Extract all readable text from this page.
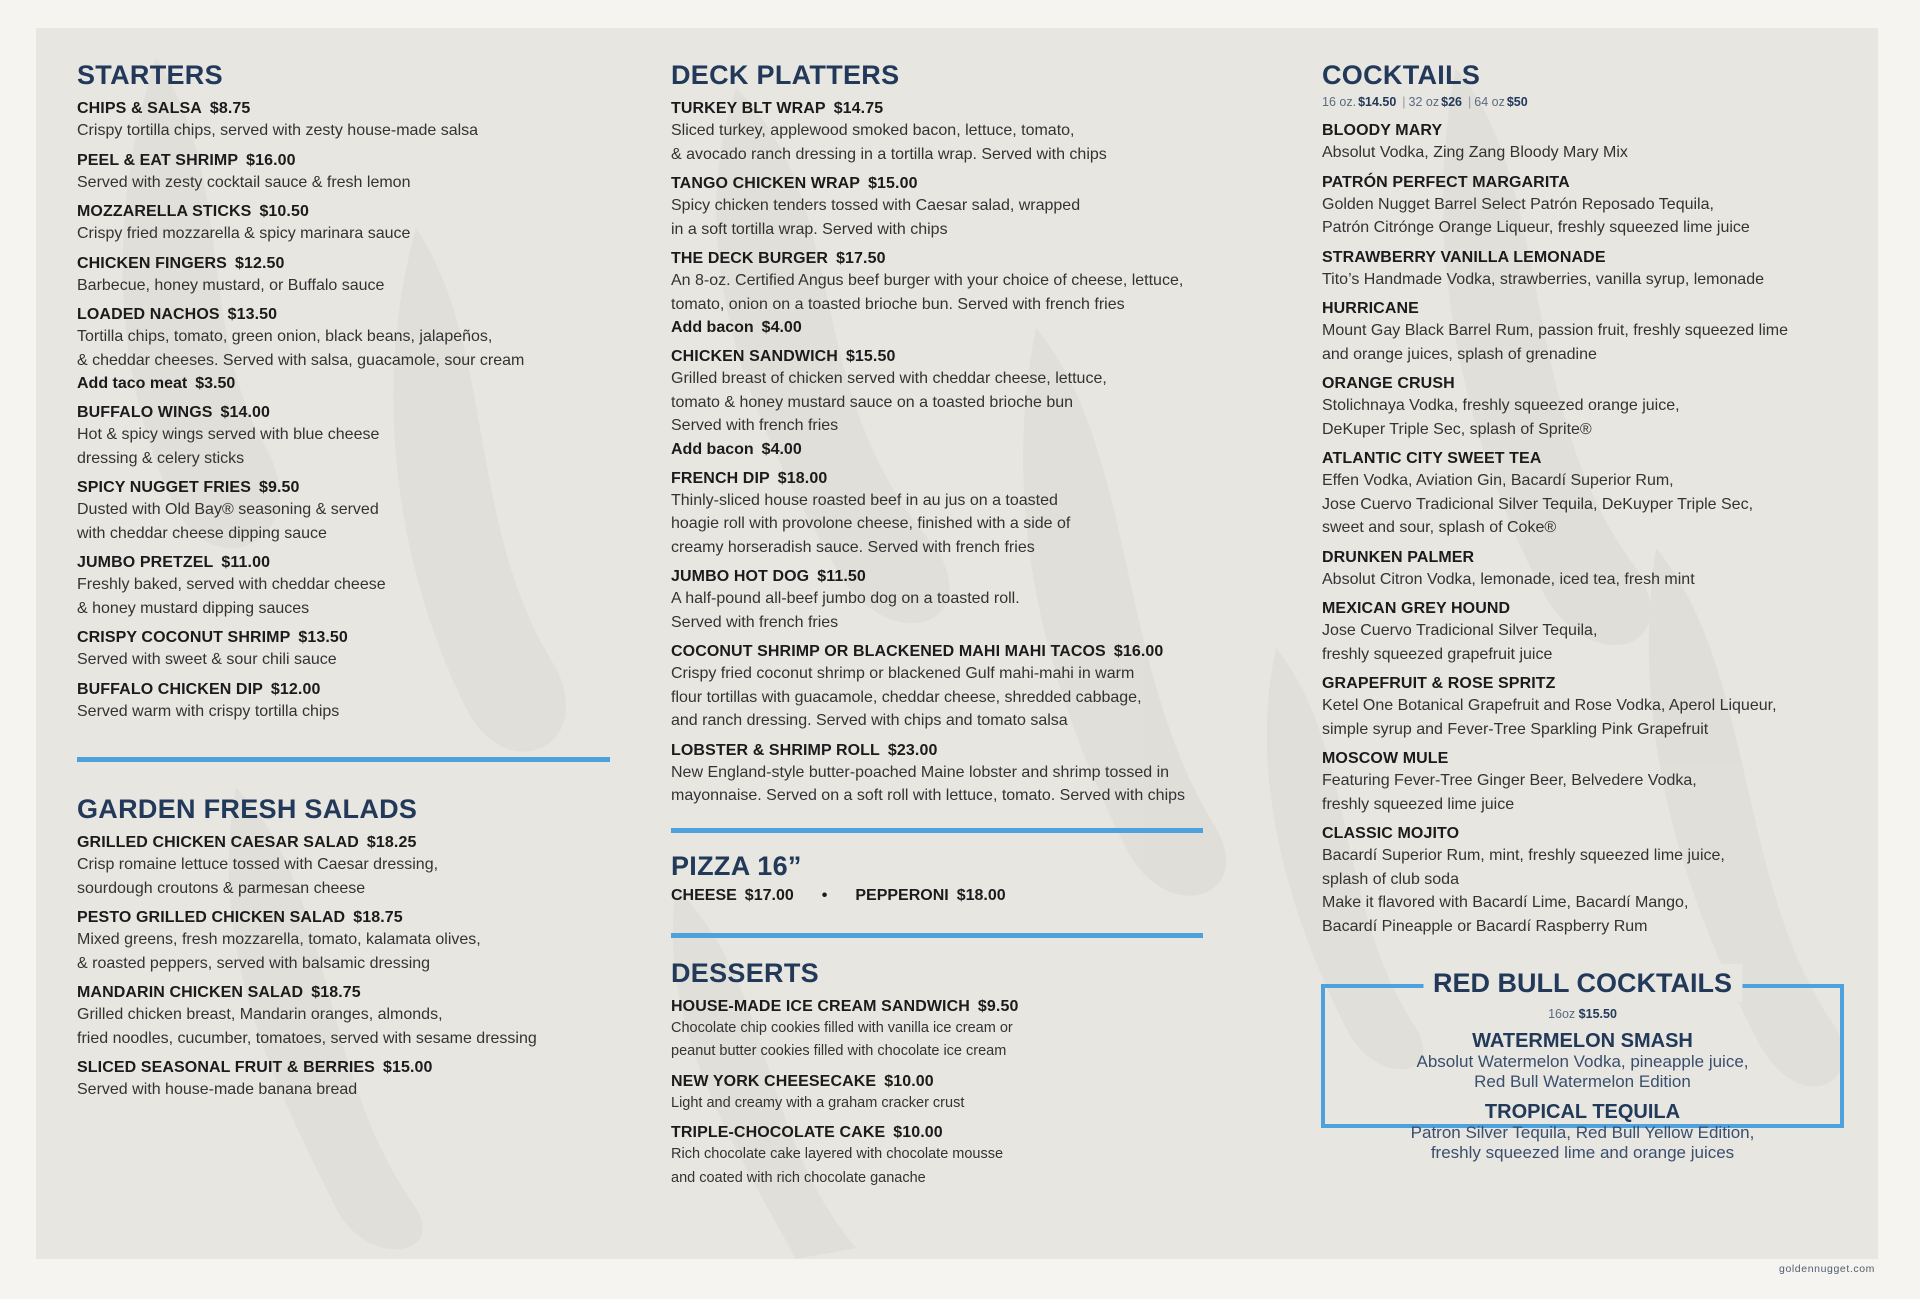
STARTERS
CHIPS & SALSA $8.75
Crispy tortilla chips, served with zesty house-made salsa
PEEL & EAT SHRIMP $16.00
Served with zesty cocktail sauce & fresh lemon
MOZZARELLA STICKS $10.50
Crispy fried mozzarella & spicy marinara sauce
CHICKEN FINGERS $12.50
Barbecue, honey mustard, or Buffalo sauce
LOADED NACHOS $13.50
Tortilla chips, tomato, green onion, black beans, jalapeños,
& cheddar cheeses. Served with salsa, guacamole, sour cream
Add taco meat $3.50
BUFFALO WINGS $14.00
Hot & spicy wings served with blue cheese
dressing & celery sticks
SPICY NUGGET FRIES $9.50
Dusted with Old Bay® seasoning & served
with cheddar cheese dipping sauce
JUMBO PRETZEL $11.00
Freshly baked, served with cheddar cheese
& honey mustard dipping sauces
CRISPY COCONUT SHRIMP $13.50
Served with sweet & sour chili sauce
BUFFALO CHICKEN DIP $12.00
Served warm with crispy tortilla chips
GARDEN FRESH SALADS
GRILLED CHICKEN CAESAR SALAD $18.25
Crisp romaine lettuce tossed with Caesar dressing,
sourdough croutons & parmesan cheese
PESTO GRILLED CHICKEN SALAD $18.75
Mixed greens, fresh mozzarella, tomato, kalamata olives,
& roasted peppers, served with balsamic dressing
MANDARIN CHICKEN SALAD $18.75
Grilled chicken breast, Mandarin oranges, almonds,
fried noodles, cucumber, tomatoes, served with sesame dressing
SLICED SEASONAL FRUIT & BERRIES $15.00
Served with house-made banana bread
DECK PLATTERS
TURKEY BLT WRAP $14.75
Sliced turkey, applewood smoked bacon, lettuce, tomato,
& avocado ranch dressing in a tortilla wrap. Served with chips
TANGO CHICKEN WRAP $15.00
Spicy chicken tenders tossed with Caesar salad, wrapped
in a soft tortilla wrap. Served with chips
THE DECK BURGER $17.50
An 8-oz. Certified Angus beef burger with your choice of cheese, lettuce,
tomato, onion on a toasted brioche bun. Served with french fries
Add bacon $4.00
CHICKEN SANDWICH $15.50
Grilled breast of chicken served with cheddar cheese, lettuce,
tomato & honey mustard sauce on a toasted brioche bun
Served with french fries
Add bacon $4.00
FRENCH DIP $18.00
Thinly-sliced house roasted beef in au jus on a toasted
hoagie roll with provolone cheese, finished with a side of
creamy horseradish sauce. Served with french fries
JUMBO HOT DOG $11.50
A half-pound all-beef jumbo dog on a toasted roll.
Served with french fries
COCONUT SHRIMP OR BLACKENED MAHI MAHI TACOS $16.00
Crispy fried coconut shrimp or blackened Gulf mahi-mahi in warm
flour tortillas with guacamole, cheddar cheese, shredded cabbage,
and ranch dressing. Served with chips and tomato salsa
LOBSTER & SHRIMP ROLL $23.00
New England-style butter-poached Maine lobster and shrimp tossed in
mayonnaise. Served on a soft roll with lettuce, tomato. Served with chips
PIZZA 16”
CHEESE $17.00 • PEPPERONI $18.00
DESSERTS
HOUSE-MADE ICE CREAM SANDWICH $9.50
Chocolate chip cookies filled with vanilla ice cream or
peanut butter cookies filled with chocolate ice cream
NEW YORK CHEESECAKE $10.00
Light and creamy with a graham cracker crust
TRIPLE-CHOCOLATE CAKE $10.00
Rich chocolate cake layered with chocolate mousse
and coated with rich chocolate ganache
COCKTAILS
16 oz. $14.50 | 32 oz $26 | 64 oz $50
BLOODY MARY
Absolut Vodka, Zing Zang Bloody Mary Mix
PATRÓN PERFECT MARGARITA
Golden Nugget Barrel Select Patrón Reposado Tequila,
Patrón Citrónge Orange Liqueur, freshly squeezed lime juice
STRAWBERRY VANILLA LEMONADE
Tito’s Handmade Vodka, strawberries, vanilla syrup, lemonade
HURRICANE
Mount Gay Black Barrel Rum, passion fruit, freshly squeezed lime
and orange juices, splash of grenadine
ORANGE CRUSH
Stolichnaya Vodka, freshly squeezed orange juice,
DeKuper Triple Sec, splash of Sprite®
ATLANTIC CITY SWEET TEA
Effen Vodka, Aviation Gin, Bacardí Superior Rum,
Jose Cuervo Tradicional Silver Tequila, DeKuyper Triple Sec,
sweet and sour, splash of Coke®
DRUNKEN PALMER
Absolut Citron Vodka, lemonade, iced tea, fresh mint
MEXICAN GREY HOUND
Jose Cuervo Tradicional Silver Tequila,
freshly squeezed grapefruit juice
GRAPEFRUIT & ROSE SPRITZ
Ketel One Botanical Grapefruit and Rose Vodka, Aperol Liqueur,
simple syrup and Fever-Tree Sparkling Pink Grapefruit
MOSCOW MULE
Featuring Fever-Tree Ginger Beer, Belvedere Vodka,
freshly squeezed lime juice
CLASSIC MOJITO
Bacardí Superior Rum, mint, freshly squeezed lime juice,
splash of club soda
Make it flavored with Bacardí Lime, Bacardí Mango,
Bacardí Pineapple or Bacardí Raspberry Rum
RED BULL COCKTAILS
16oz $15.50
WATERMELON SMASH
Absolut Watermelon Vodka, pineapple juice,
Red Bull Watermelon Edition
TROPICAL TEQUILA
Patron Silver Tequila, Red Bull Yellow Edition,
freshly squeezed lime and orange juices
goldennugget.com
